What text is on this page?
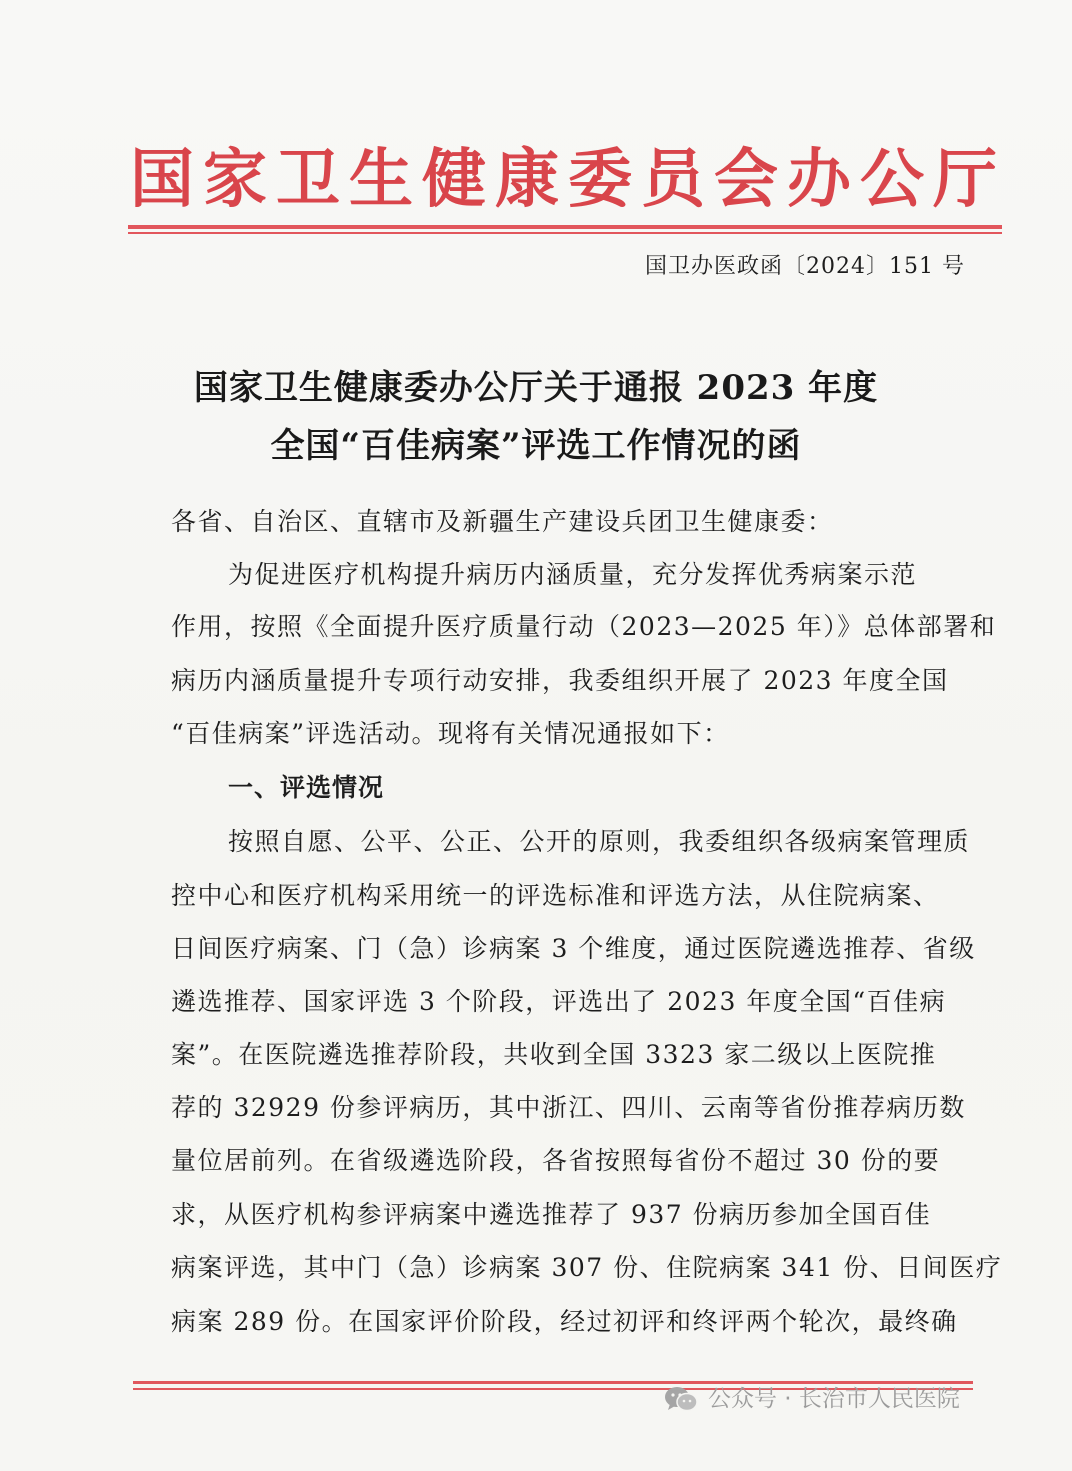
国家卫生健康委员会办公厅
国卫办医政函〔2024〕151 号
国家卫生健康委办公厅关于通报 2023 年度
全国“百佳病案”评选工作情况的函
各省、自治区、直辖市及新疆生产建设兵团卫生健康委：
为促进医疗机构提升病历内涵质量，充分发挥优秀病案示范
作用，按照《全面提升医疗质量行动（2023—2025 年）》总体部署和
病历内涵质量提升专项行动安排，我委组织开展了 2023 年度全国
“百佳病案”评选活动。现将有关情况通报如下：
一、评选情况
按照自愿、公平、公正、公开的原则，我委组织各级病案管理质
控中心和医疗机构采用统一的评选标准和评选方法，从住院病案、
日间医疗病案、门（急）诊病案 3 个维度，通过医院遴选推荐、省级
遴选推荐、国家评选 3 个阶段，评选出了 2023 年度全国“百佳病
案”。在医院遴选推荐阶段，共收到全国 3323 家二级以上医院推
荐的 32929 份参评病历，其中浙江、四川、云南等省份推荐病历数
量位居前列。在省级遴选阶段，各省按照每省份不超过 30 份的要
求，从医疗机构参评病案中遴选推荐了 937 份病历参加全国百佳
病案评选，其中门（急）诊病案 307 份、住院病案 341 份、日间医疗
病案 289 份。在国家评价阶段，经过初评和终评两个轮次，最终确
公众号 · 长治市人民医院
